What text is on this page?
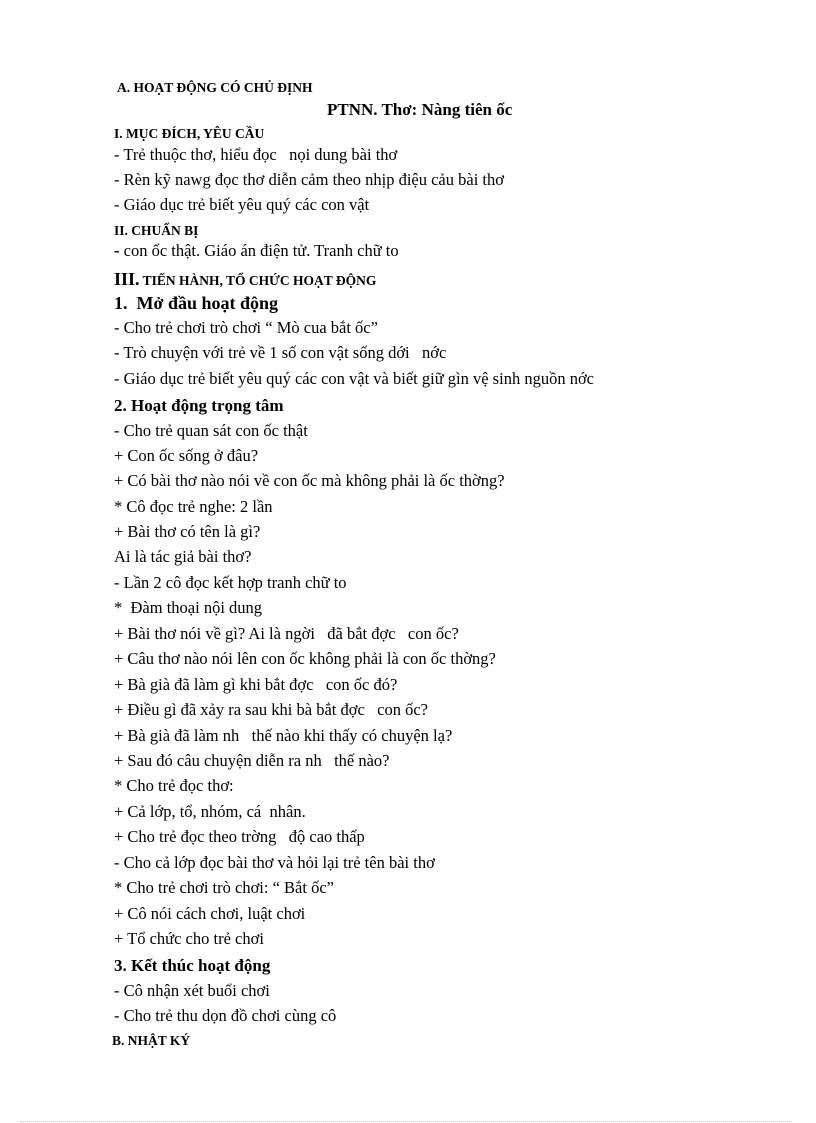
A. HOẠT ĐỘNG CÓ CHỦ ĐỊNH
PTNN. Thơ: Nàng tiên ốc
I. MỤC ĐÍCH, YÊU CẦU
- Trẻ thuộc thơ, hiểu đọc   nọi dung bài thơ
- Rèn kỹ nawg đọc thơ diễn cảm theo nhịp điệu cảu bài thơ
- Giáo dục trẻ biết yêu quý các con vật
II. CHUẨN BỊ
- con ốc thật. Giáo án điện tử. Tranh chữ to
III. TIẾN HÀNH, TỔ CHỨC HOẠT ĐỘNG
1.  Mở đầu hoạt động
- Cho trẻ chơi trò chơi “ Mò cua bắt ốc”
- Trò chuyện với trẻ về 1 số con vật sống dới   nớc
- Giáo dục trẻ biết yêu quý các con vật và biết giữ gìn vệ sinh nguồn nớc
2. Hoạt động trọng tâm
- Cho trẻ quan sát con ốc thật
+ Con ốc sống ở đâu?
+ Có bài thơ nào nói về con ốc mà không phải là ốc thờng?
* Cô đọc trẻ nghe: 2 lần
+ Bài thơ có tên là gì?
Ai là tác giả bài thơ?
- Lần 2 cô đọc kết hợp tranh chữ to
*  Đàm thoại nội dung
+ Bài thơ nói về gì? Ai là ngời   đã bắt đợc   con ốc?
+ Câu thơ nào nói lên con ốc không phải là con ốc thờng?
+ Bà già đã làm gì khi bắt đợc   con ốc đó?
+ Điều gì đã xảy ra sau khi bà bắt đợc   con ốc?
+ Bà già đã làm nh   thế nào khi thấy có chuyện lạ?
+ Sau đó câu chuyện diễn ra nh   thế nào?
* Cho trẻ đọc thơ:
+ Cả lớp, tổ, nhóm, cá  nhân.
+ Cho trẻ đọc theo trờng   độ cao thấp
- Cho cả lớp đọc bài thơ và hỏi lại trẻ tên bài thơ
* Cho trẻ chơi trò chơi: “ Bắt ốc”
+ Cô nói cách chơi, luật chơi
+ Tổ chức cho trẻ chơi
3. Kết thúc hoạt động
- Cô nhận xét buổi chơi
- Cho trẻ thu dọn đồ chơi cùng cô
B. NHẬT KÝ
